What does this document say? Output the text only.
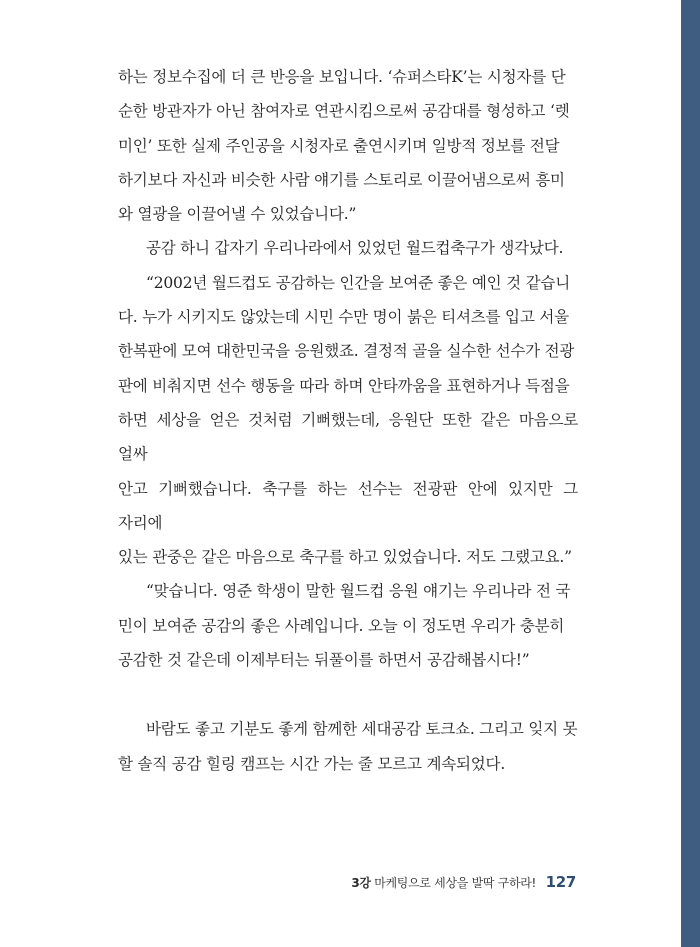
하는 정보수집에 더 큰 반응을 보입니다. ‘슈퍼스타K’는 시청자를 단
순한 방관자가 아닌 참여자로 연관시킴으로써 공감대를 형성하고 ‘렛
미인’ 또한 실제 주인공을 시청자로 출연시키며 일방적 정보를 전달
하기보다 자신과 비슷한 사람 얘기를 스토리로 이끌어냄으로써 흥미
와 열광을 이끌어낼 수 있었습니다.”

공감 하니 갑자기 우리나라에서 있었던 월드컵축구가 생각났다.

“2002년 월드컵도 공감하는 인간을 보여준 좋은 예인 것 같습니
다. 누가 시키지도 않았는데 시민 수만 명이 붉은 티셔츠를 입고 서울
한복판에 모여 대한민국을 응원했죠. 결정적 골을 실수한 선수가 전광
판에 비춰지면 선수 행동을 따라 하며 안타까움을 표현하거나 득점을
하면 세상을 얻은 것처럼 기뻐했는데, 응원단 또한 같은 마음으로 얼싸
안고 기뻐했습니다. 축구를 하는 선수는 전광판 안에 있지만 그 자리에
있는 관중은 같은 마음으로 축구를 하고 있었습니다. 저도 그랬고요.”

“맞습니다. 영준 학생이 말한 월드컵 응원 얘기는 우리나라 전 국
민이 보여준 공감의 좋은 사례입니다. 오늘 이 정도면 우리가 충분히
공감한 것 같은데 이제부터는 뒤풀이를 하면서 공감해봅시다!”

바람도 좋고 기분도 좋게 함께한 세대공감 토크쇼. 그리고 잊지 못
할 솔직 공감 힐링 캠프는 시간 가는 줄 모르고 계속되었다.

3강 마케팅으로 세상을 발딱 구하라! 127
